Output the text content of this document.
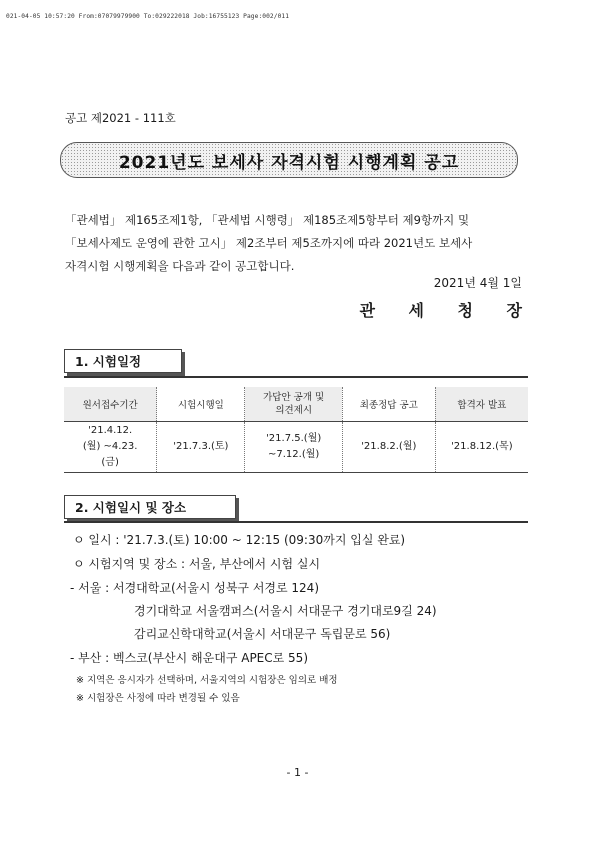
021-04-05 10:57:20 From:07079979900 To:029222018 Job:16755123 Page:002/011
공고 제2021 - 111호
2021년도 보세사 자격시험 시행계획 공고
「관세법」 제165조제1항, 「관세법 시행령」 제185조제5항부터 제9항까지 및
「보세사제도 운영에 관한 고시」 제2조부터 제5조까지에 따라 2021년도 보세사
자격시험 시행계획을 다음과 같이 공고합니다.
2021년 4월 1일
관 세 청 장
1. 시험일정
원서접수기간	시험시행일	가답안 공개 및 의견제시	최종정답 공고	합격자 발표
'21.4.12.(월) ~4.23.(금)	'21.7.3.(토)	'21.7.5.(월) ~7.12.(월)	'21.8.2.(월)	'21.8.12.(목)
2. 시험일시 및 장소
ㅇ 일시 : '21.7.3.(토) 10:00 ~ 12:15 (09:30까지 입실 완료)
ㅇ 시험지역 및 장소 : 서울, 부산에서 시험 실시
- 서울 : 서경대학교(서울시 성북구 서경로 124)
경기대학교 서울캠퍼스(서울시 서대문구 경기대로9길 24)
감리교신학대학교(서울시 서대문구 독립문로 56)
- 부산 : 벡스코(부산시 해운대구 APEC로 55)
※ 지역은 응시자가 선택하며, 서울지역의 시험장은 임의로 배정
※ 시험장은 사정에 따라 변경될 수 있음
- 1 -
